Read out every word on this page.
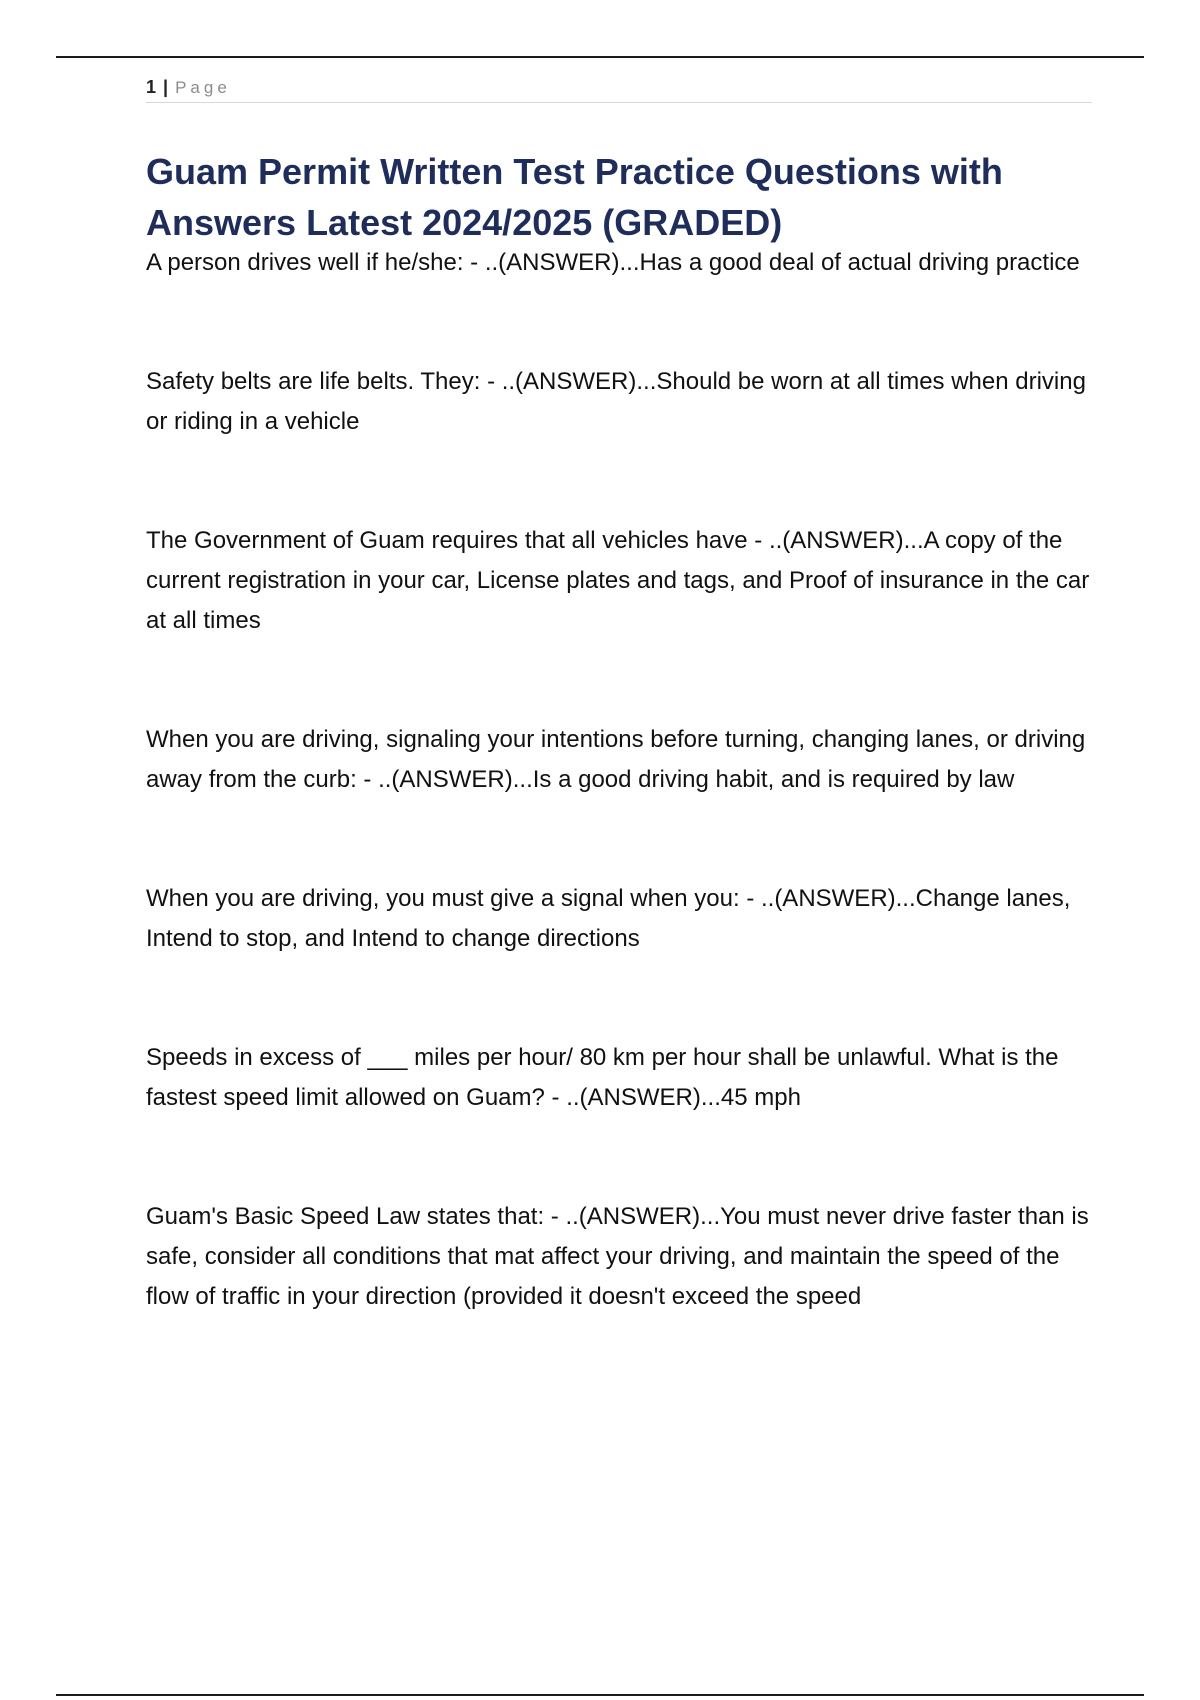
1 | Page
Guam Permit Written Test Practice Questions with Answers Latest 2024/2025 (GRADED)

A person drives well if he/she: - ..(ANSWER)...Has a good deal of actual driving practice

Safety belts are life belts. They: - ..(ANSWER)...Should be worn at all times when driving or riding in a vehicle

The Government of Guam requires that all vehicles have - ..(ANSWER)...A copy of the current registration in your car, License plates and tags, and Proof of insurance in the car at all times

When you are driving, signaling your intentions before turning, changing lanes, or driving away from the curb: - ..(ANSWER)...Is a good driving habit, and is required by law

When you are driving, you must give a signal when you: - ..(ANSWER)...Change lanes, Intend to stop, and Intend to change directions

Speeds in excess of ___ miles per hour/ 80 km per hour shall be unlawful. What is the fastest speed limit allowed on Guam? - ..(ANSWER)...45 mph

Guam's Basic Speed Law states that: - ..(ANSWER)...You must never drive faster than is safe, consider all conditions that mat affect your driving, and maintain the speed of the flow of traffic in your direction (provided it doesn't exceed the speed
